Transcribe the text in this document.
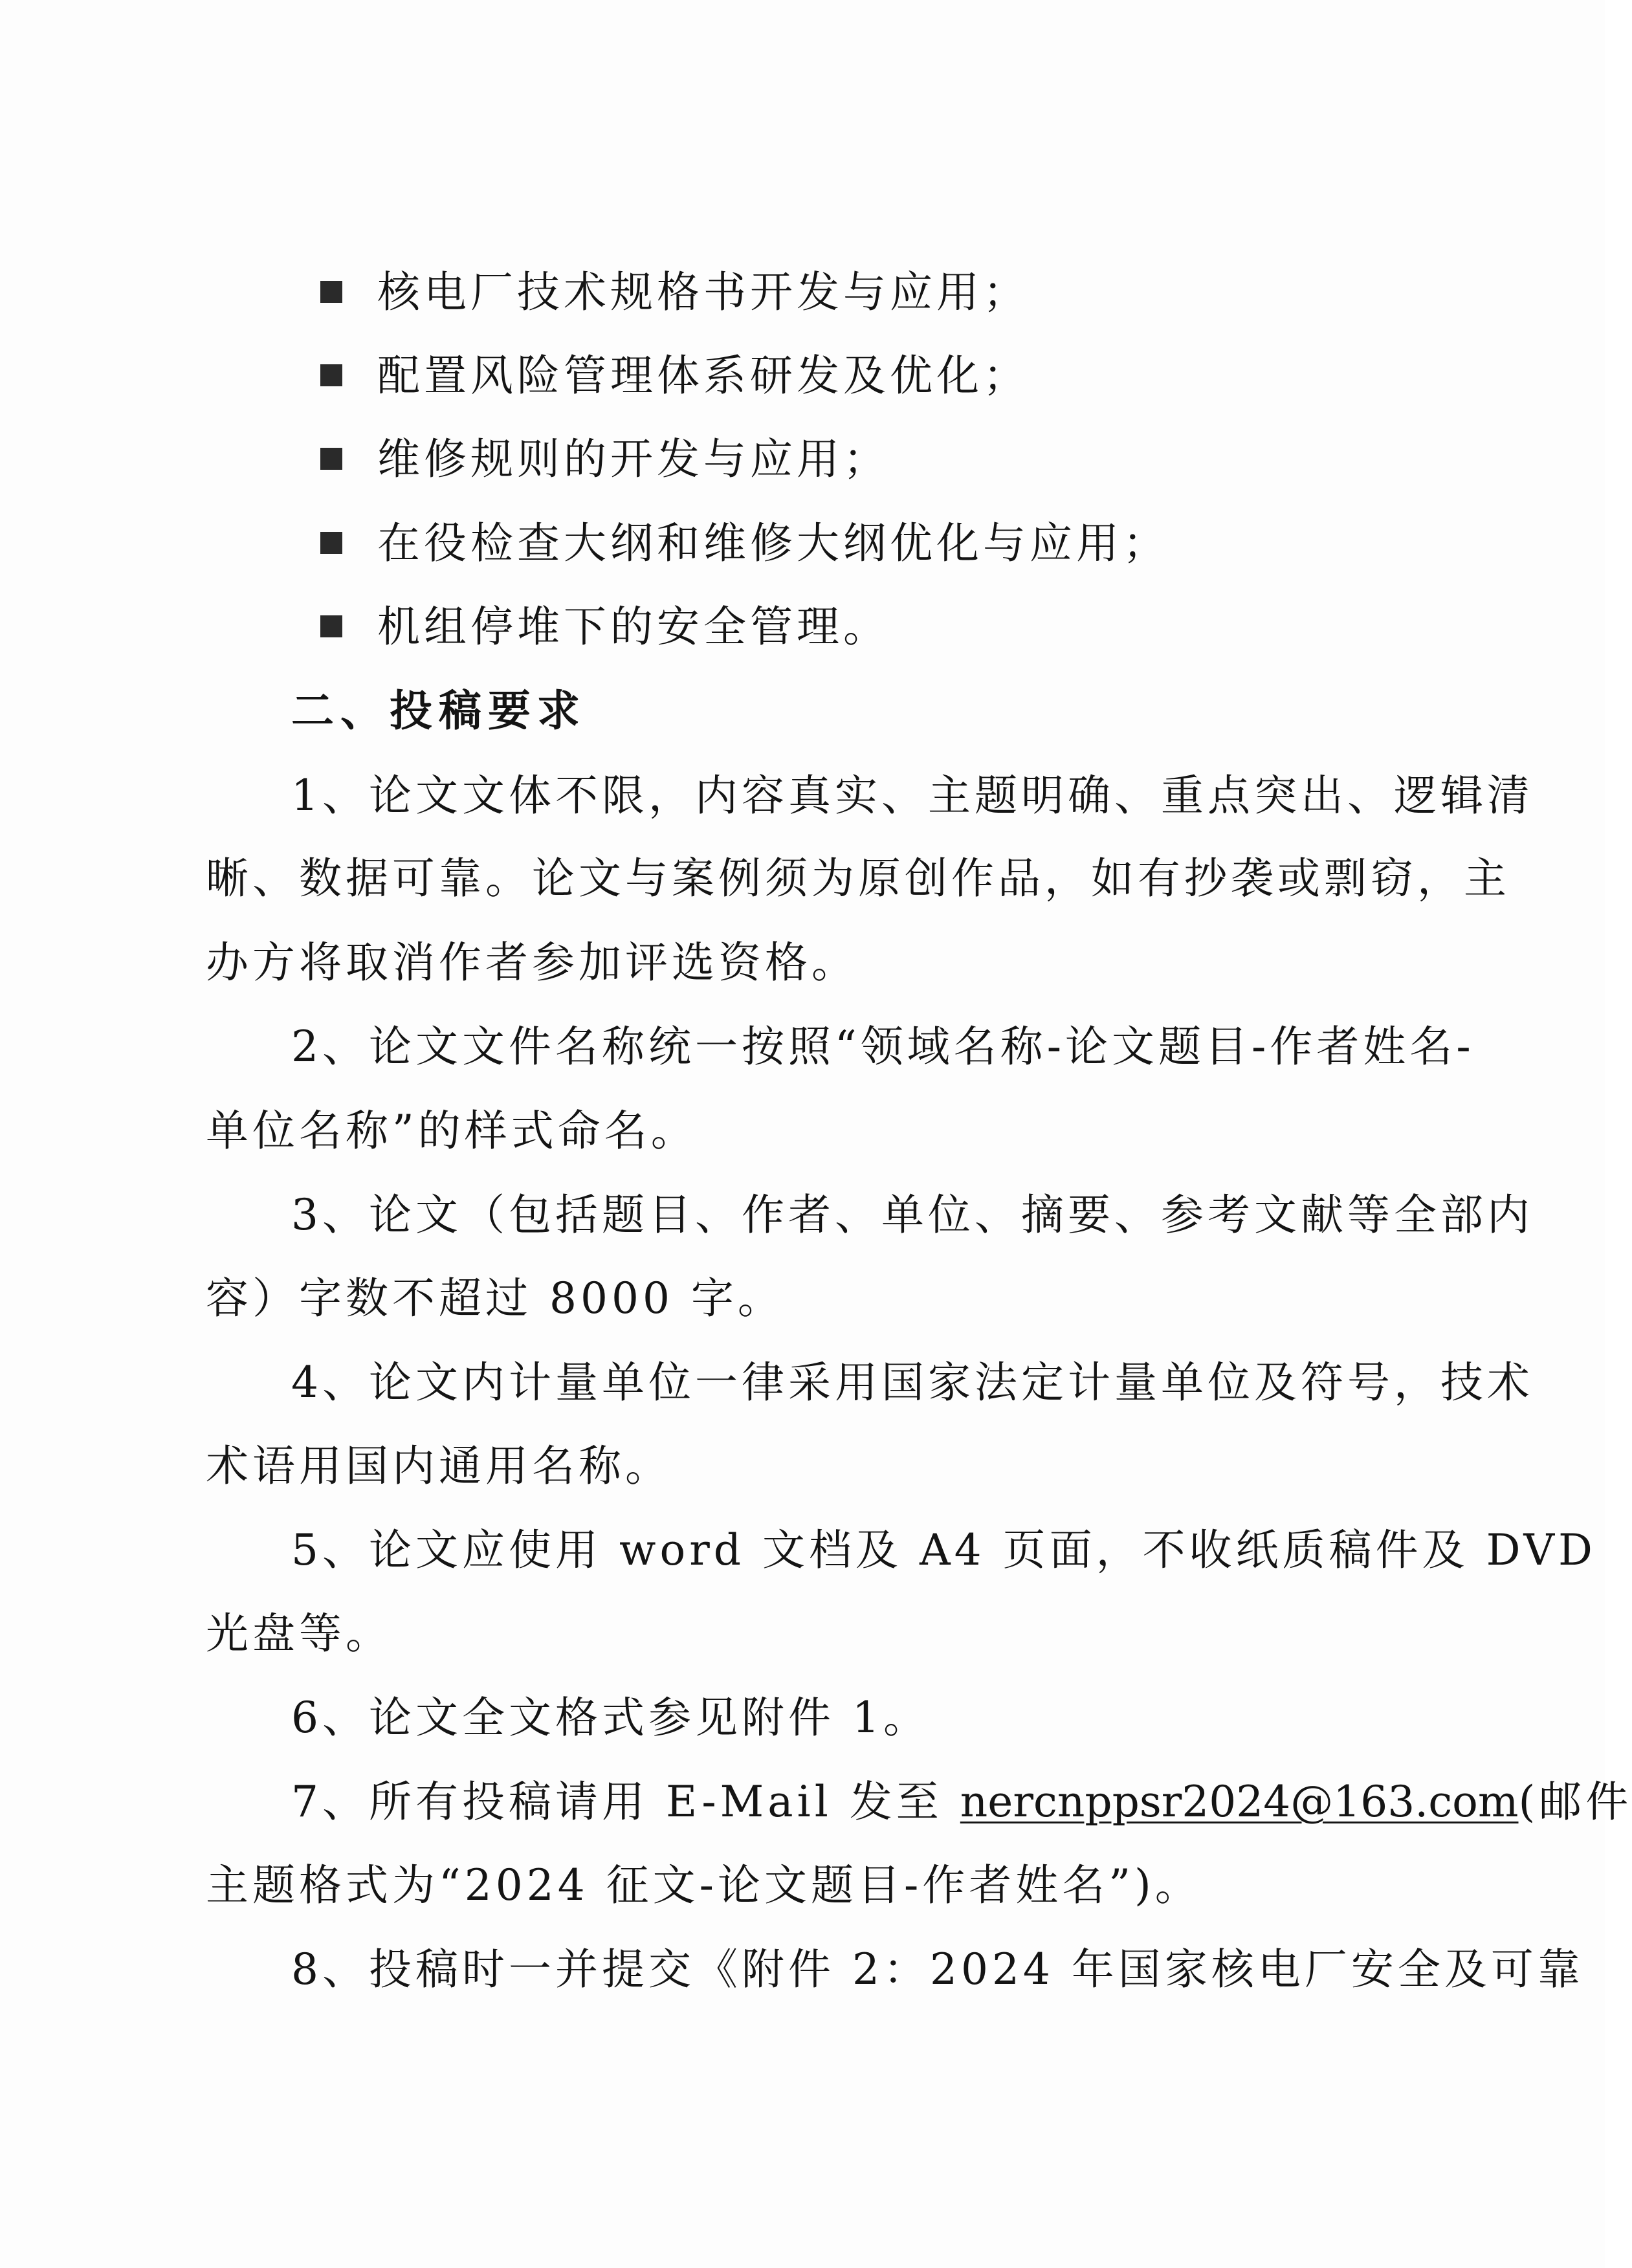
核电厂技术规格书开发与应用；
配置风险管理体系研发及优化；
维修规则的开发与应用；
在役检查大纲和维修大纲优化与应用；
机组停堆下的安全管理。
二、投稿要求
1、论文文体不限，内容真实、主题明确、重点突出、逻辑清
晰、数据可靠。论文与案例须为原创作品，如有抄袭或剽窃，主
办方将取消作者参加评选资格。
2、论文文件名称统一按照“领域名称-论文题目-作者姓名-
单位名称”的样式命名。
3、论文（包括题目、作者、单位、摘要、参考文献等全部内
容）字数不超过 8000 字。
4、论文内计量单位一律采用国家法定计量单位及符号，技术
术语用国内通用名称。
5、论文应使用 word 文档及 A4 页面，不收纸质稿件及 DVD
光盘等。
6、论文全文格式参见附件 1。
7、所有投稿请用 E-Mail 发至 nercnppsr2024@163.com(邮件
主题格式为“2024 征文-论文题目-作者姓名”)。
8、投稿时一并提交《附件 2：2024 年国家核电厂安全及可靠
